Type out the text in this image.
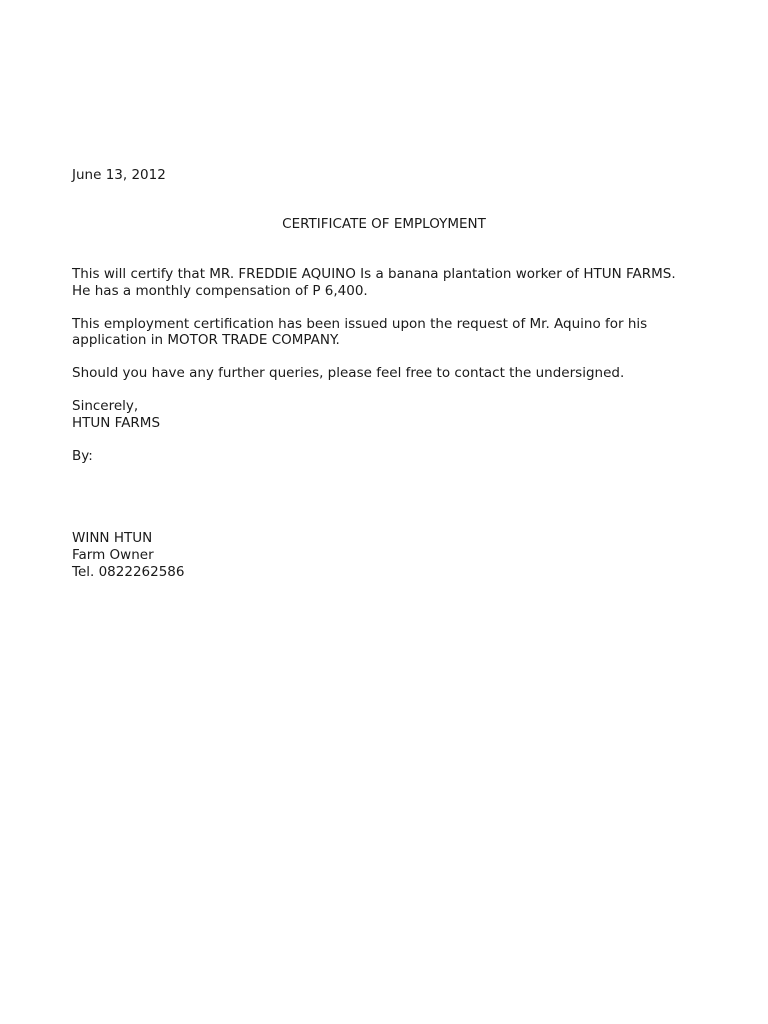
June 13, 2012
CERTIFICATE OF EMPLOYMENT
This will certify that MR. FREDDIE AQUINO Is a banana plantation worker of HTUN FARMS.
He has a monthly compensation of P 6,400.
This employment certification has been issued upon the request of Mr. Aquino for his
application in MOTOR TRADE COMPANY.
Should you have any further queries, please feel free to contact the undersigned.
Sincerely,
HTUN FARMS
By:
WINN HTUN
Farm Owner
Tel. 0822262586
